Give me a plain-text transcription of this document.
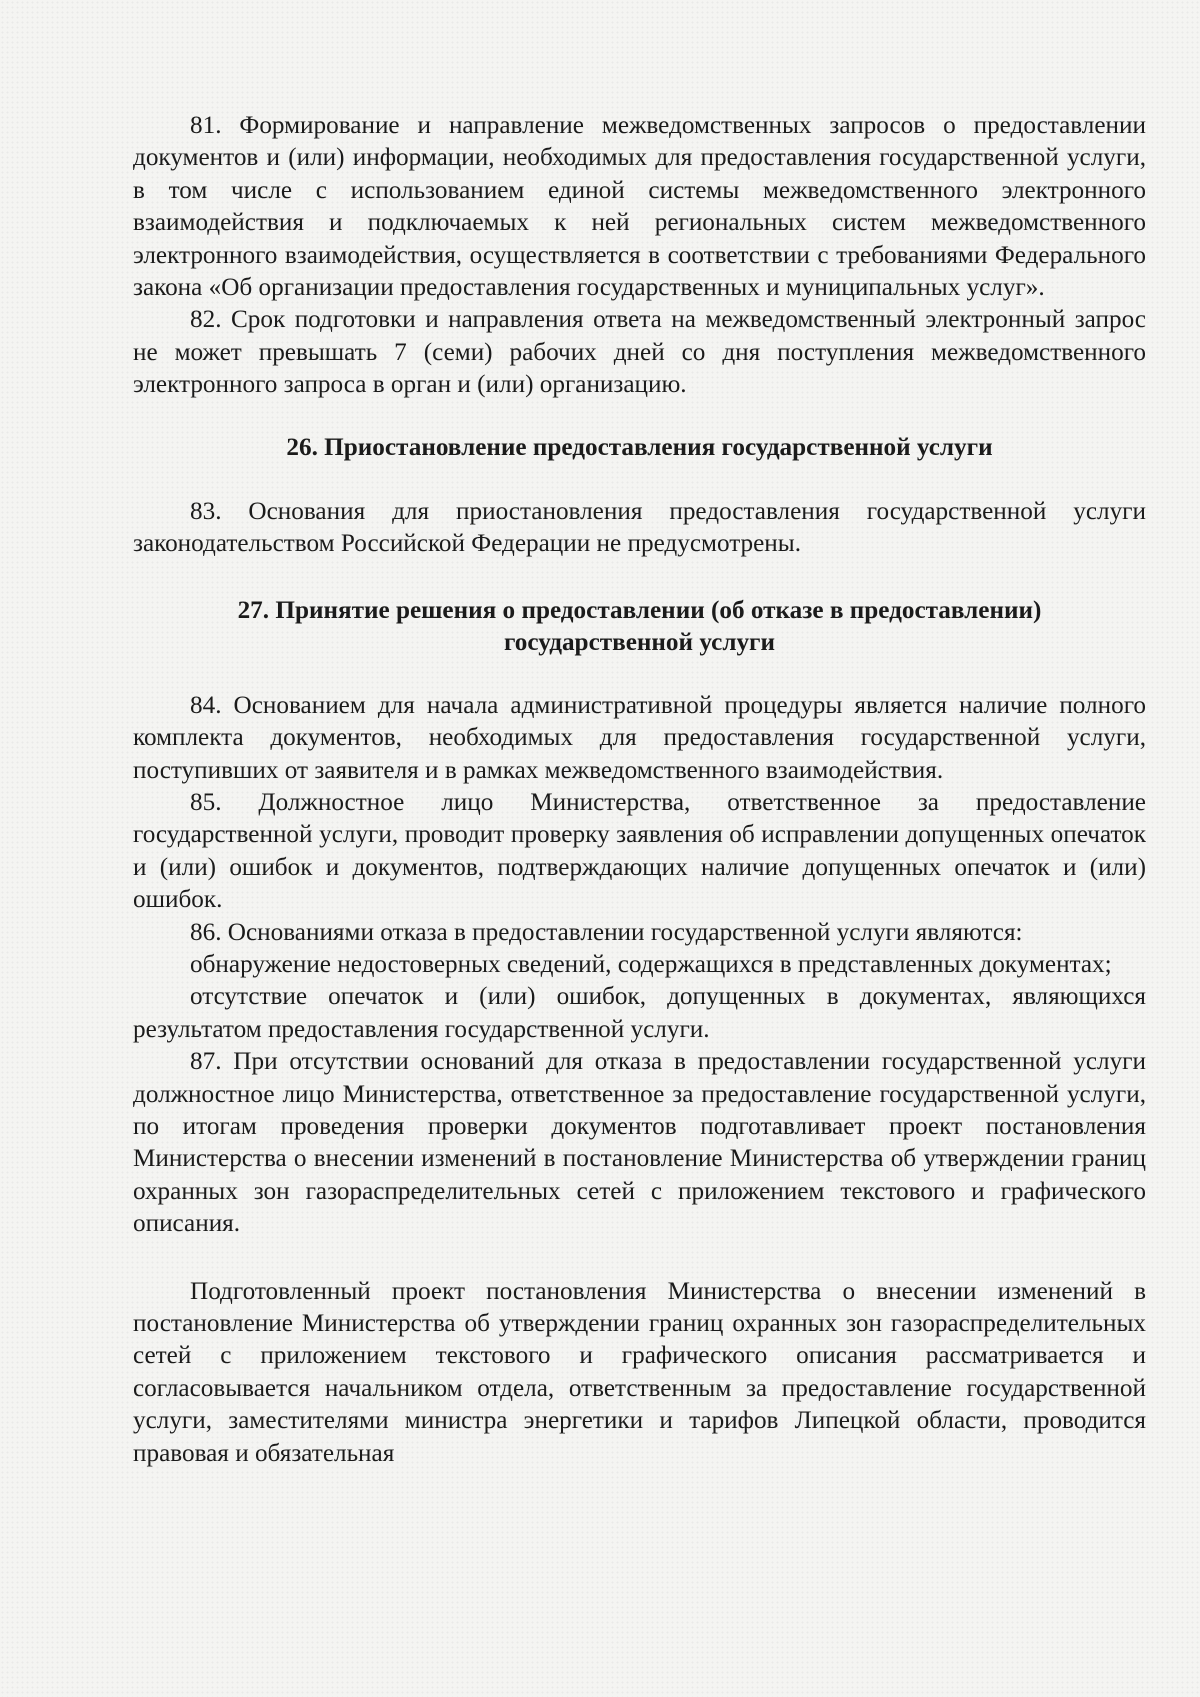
81. Формирование и направление межведомственных запросов о предоставлении документов и (или) информации, необходимых для предоставления государственной услуги, в том числе с использованием единой системы межведомственного электронного взаимодействия и подключаемых к ней региональных систем межведомственного электронного взаимодействия, осуществляется в соответствии с требованиями Федерального закона «Об организации предоставления государственных и муниципальных услуг».

82. Срок подготовки и направления ответа на межведомственный электронный запрос не может превышать 7 (семи) рабочих дней со дня поступления межведомственного электронного запроса в орган и (или) организацию.

26. Приостановление предоставления государственной услуги

83. Основания для приостановления предоставления государственной услуги законодательством Российской Федерации не предусмотрены.

27. Принятие решения о предоставлении (об отказе в предоставлении)
государственной услуги

84. Основанием для начала административной процедуры является наличие полного комплекта документов, необходимых для предоставления государственной услуги, поступивших от заявителя и в рамках межведомственного взаимодействия.

85. Должностное лицо Министерства, ответственное за предоставление государственной услуги, проводит проверку заявления об исправлении допущенных опечаток и (или) ошибок и документов, подтверждающих наличие допущенных опечаток и (или) ошибок.

86. Основаниями отказа в предоставлении государственной услуги являются:

обнаружение недостоверных сведений, содержащихся в представленных документах;

отсутствие опечаток и (или) ошибок, допущенных в документах, являющихся результатом предоставления государственной услуги.

87. При отсутствии оснований для отказа в предоставлении государственной услуги должностное лицо Министерства, ответственное за предоставление государственной услуги, по итогам проведения проверки документов подготавливает проект постановления Министерства о внесении изменений в постановление Министерства об утверждении границ охранных зон газораспределительных сетей с приложением текстового и графического описания.

Подготовленный проект постановления Министерства о внесении изменений в постановление Министерства об утверждении границ охранных зон газораспределительных сетей с приложением текстового и графического описания рассматривается и согласовывается начальником отдела, ответственным за предоставление государственной услуги, заместителями министра энергетики и тарифов Липецкой области, проводится правовая и обязательная
